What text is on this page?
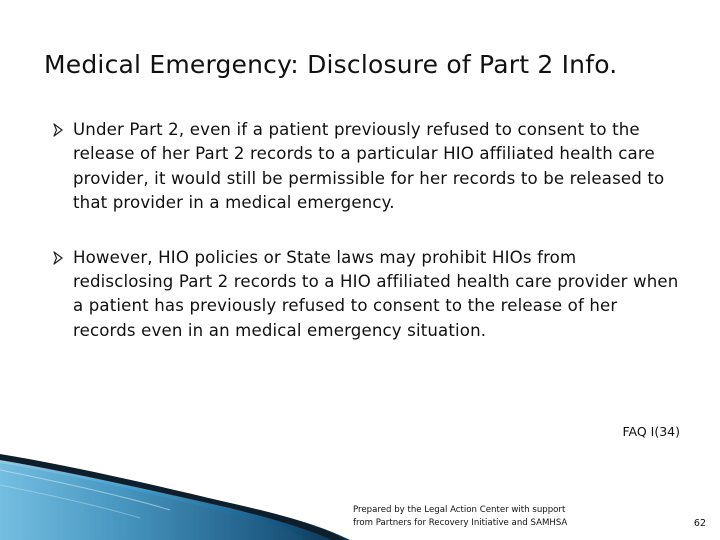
Medical Emergency: Disclosure of Part 2 Info.
Under Part 2, even if a patient previously refused to consent to the release of her Part 2 records to a particular HIO affiliated health care provider, it would still be permissible for her records to be released to that provider in a medical emergency.
However, HIO policies or State laws may prohibit HIOs from redisclosing Part 2 records to a HIO affiliated health care provider when a patient has previously refused to consent to the release of her records even in an medical emergency situation.
FAQ I(34)
Prepared by the Legal Action Center with support
from Partners for Recovery Initiative and SAMHSA	62
